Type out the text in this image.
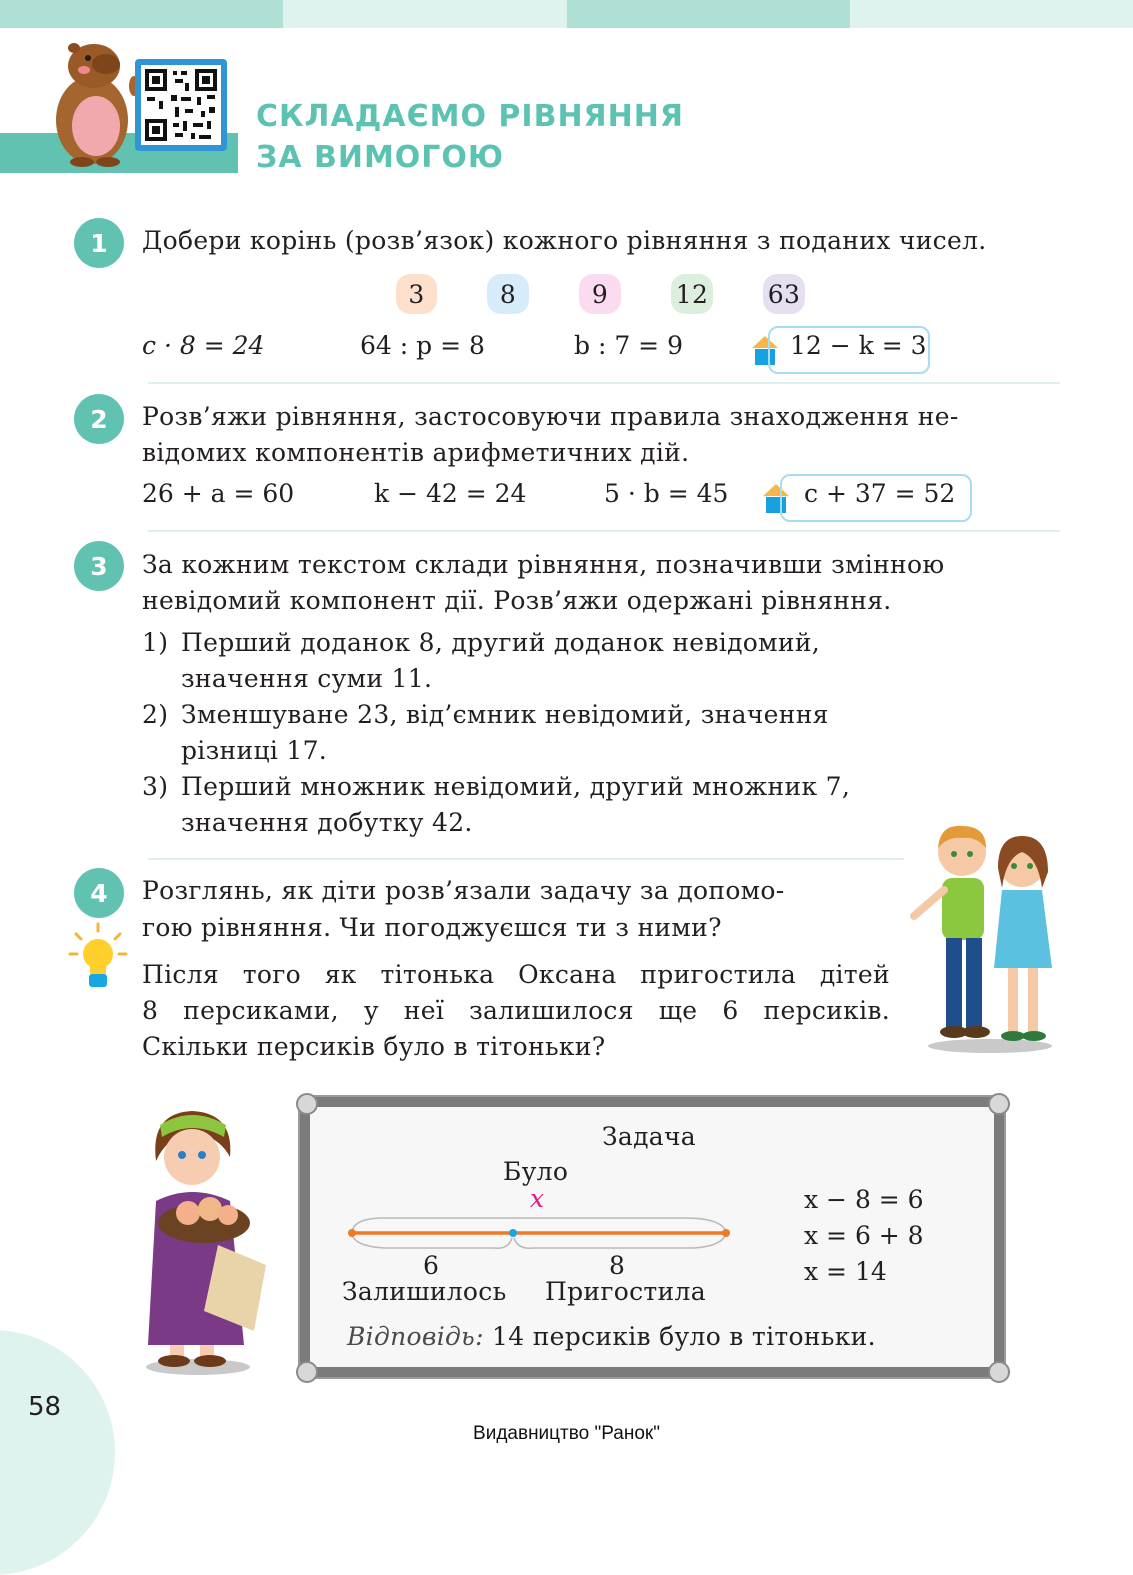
СКЛАДАЄМО РІВНЯННЯ
ЗА ВИМОГОЮ
1	Добери корінь (розв’язок) кожного рівняння з поданих чисел.
3	8	9	12 63
c · 8 = 24	64 : p = 8	b : 7 = 9	12 − k = 3
2	Розв’яжи рівняння, застосовуючи правила знаходження не-
відомих компонентів арифметичних дій.
26 + a = 60	k − 42 = 24	5 · b = 45	c + 37 = 52
3	За кожним текстом склади рівняння, позначивши змінною
невідомий компонент дії. Розв’яжи одержані рівняння.
1) Перший доданок 8, другий доданок невідомий,
значення суми 11.
2) Зменшуване 23, від’ємник невідомий, значення
різниці 17.
3) Перший множник невідомий, другий множник 7,
значення добутку 42.
4	Розглянь, як діти розв’язали задачу за допомо-
гою рівняння. Чи погоджуєшся ти з ними?
Після того як тітонька Оксана пригостила дітей
8 персиками, у неї залишилося ще 6 персиків.
Скільки персиків було в тітоньки?
Задача
Було
x
6	8
Залишилось Пригостила
x − 8 = 6
x = 6 + 8
x = 14
Відповідь: 14 персиків було в тітоньки.
58
Видавництво "Ранок"
